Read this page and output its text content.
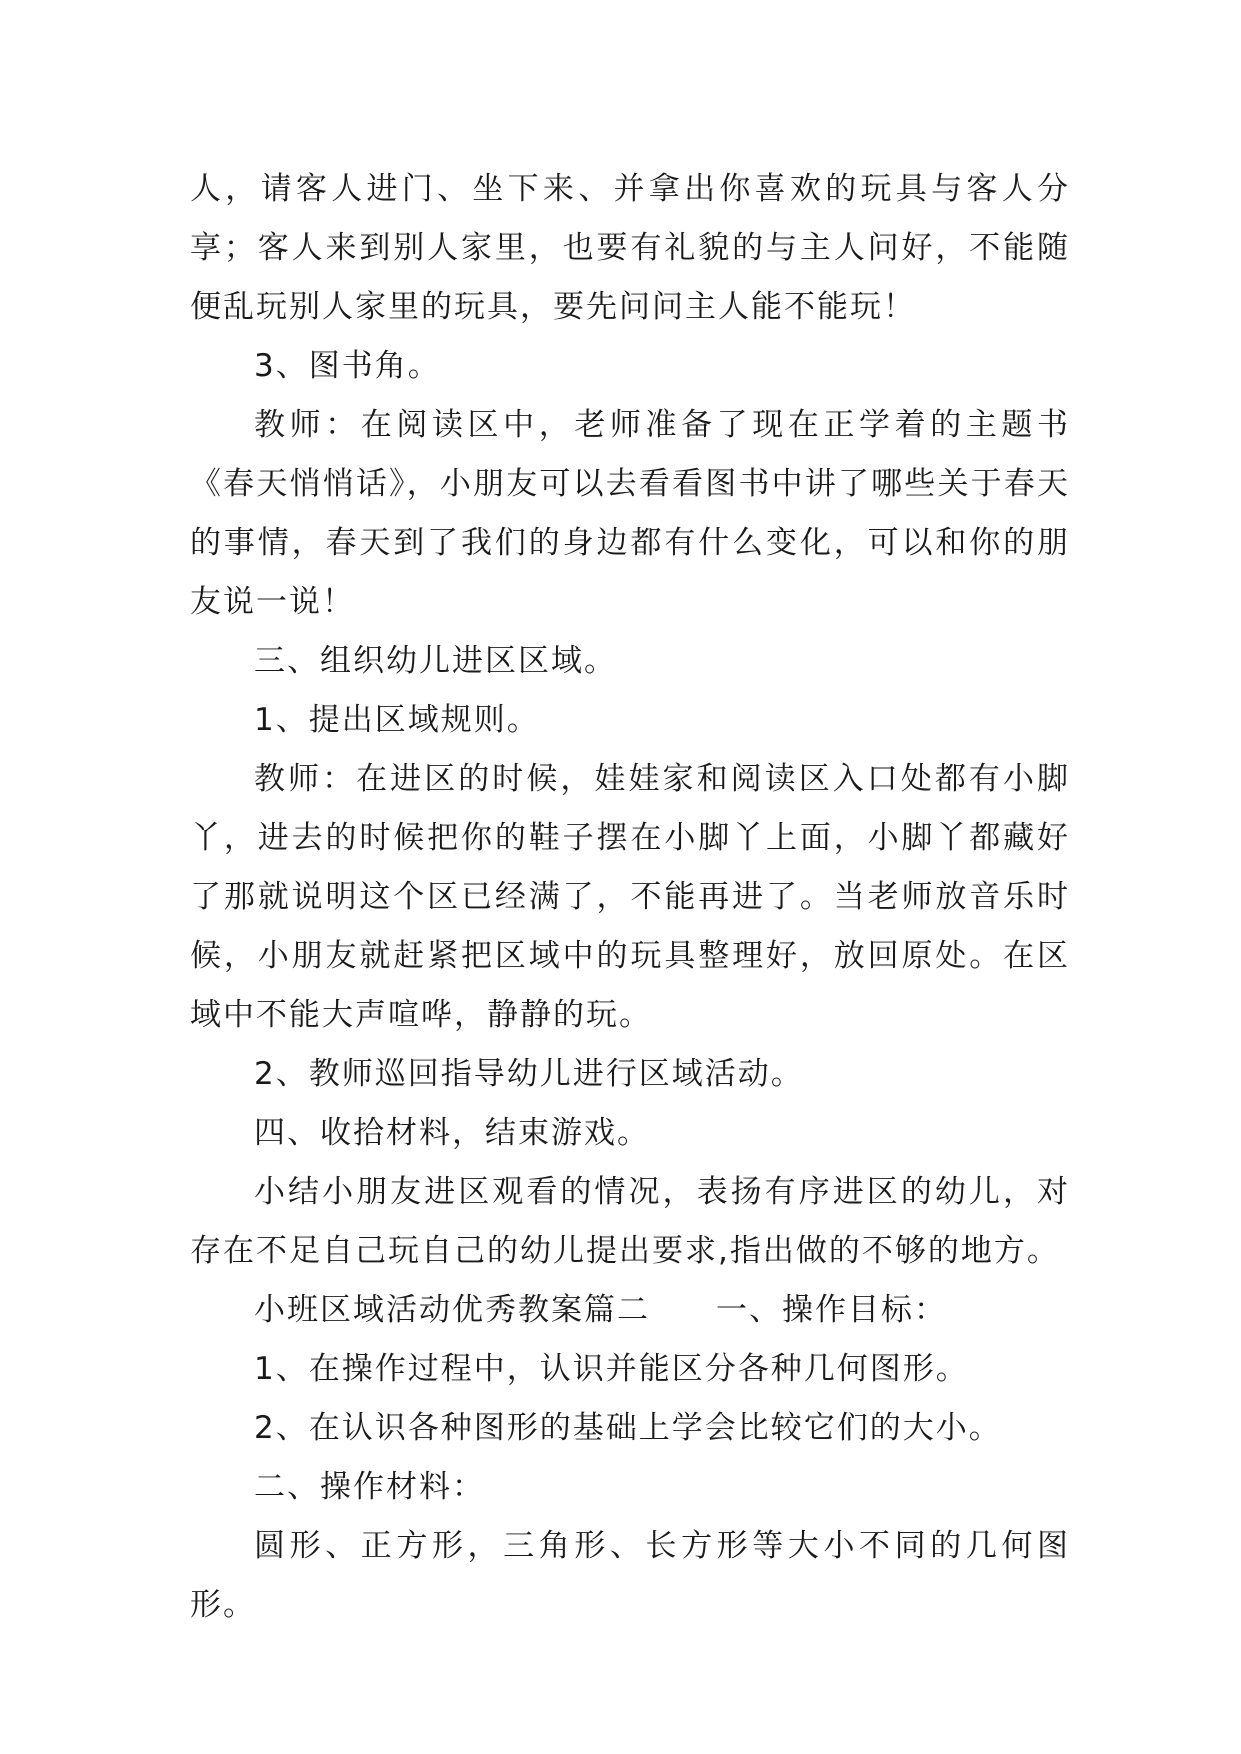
人，请客人进门、坐下来、并拿出你喜欢的玩具与客人分享；客人来到别人家里，也要有礼貌的与主人问好，不能随便乱玩别人家里的玩具，要先问问主人能不能玩！

3、图书角。

教师：在阅读区中，老师准备了现在正学着的主题书《春天悄悄话》，小朋友可以去看看图书中讲了哪些关于春天的事情，春天到了我们的身边都有什么变化，可以和你的朋友说一说！

三、组织幼儿进区区域。

1、提出区域规则。

教师：在进区的时候，娃娃家和阅读区入口处都有小脚丫，进去的时候把你的鞋子摆在小脚丫上面，小脚丫都藏好了那就说明这个区已经满了，不能再进了。当老师放音乐时候，小朋友就赶紧把区域中的玩具整理好，放回原处。在区域中不能大声喧哗，静静的玩。

2、教师巡回指导幼儿进行区域活动。

四、收拾材料，结束游戏。

小结小朋友进区观看的情况，表扬有序进区的幼儿，对存在不足自己玩自己的幼儿提出要求,指出做的不够的地方。

小班区域活动优秀教案篇二　　一、操作目标：

1、在操作过程中，认识并能区分各种几何图形。

2、在认识各种图形的基础上学会比较它们的大小。

二、操作材料：

圆形、正方形，三角形、长方形等大小不同的几何图形。
